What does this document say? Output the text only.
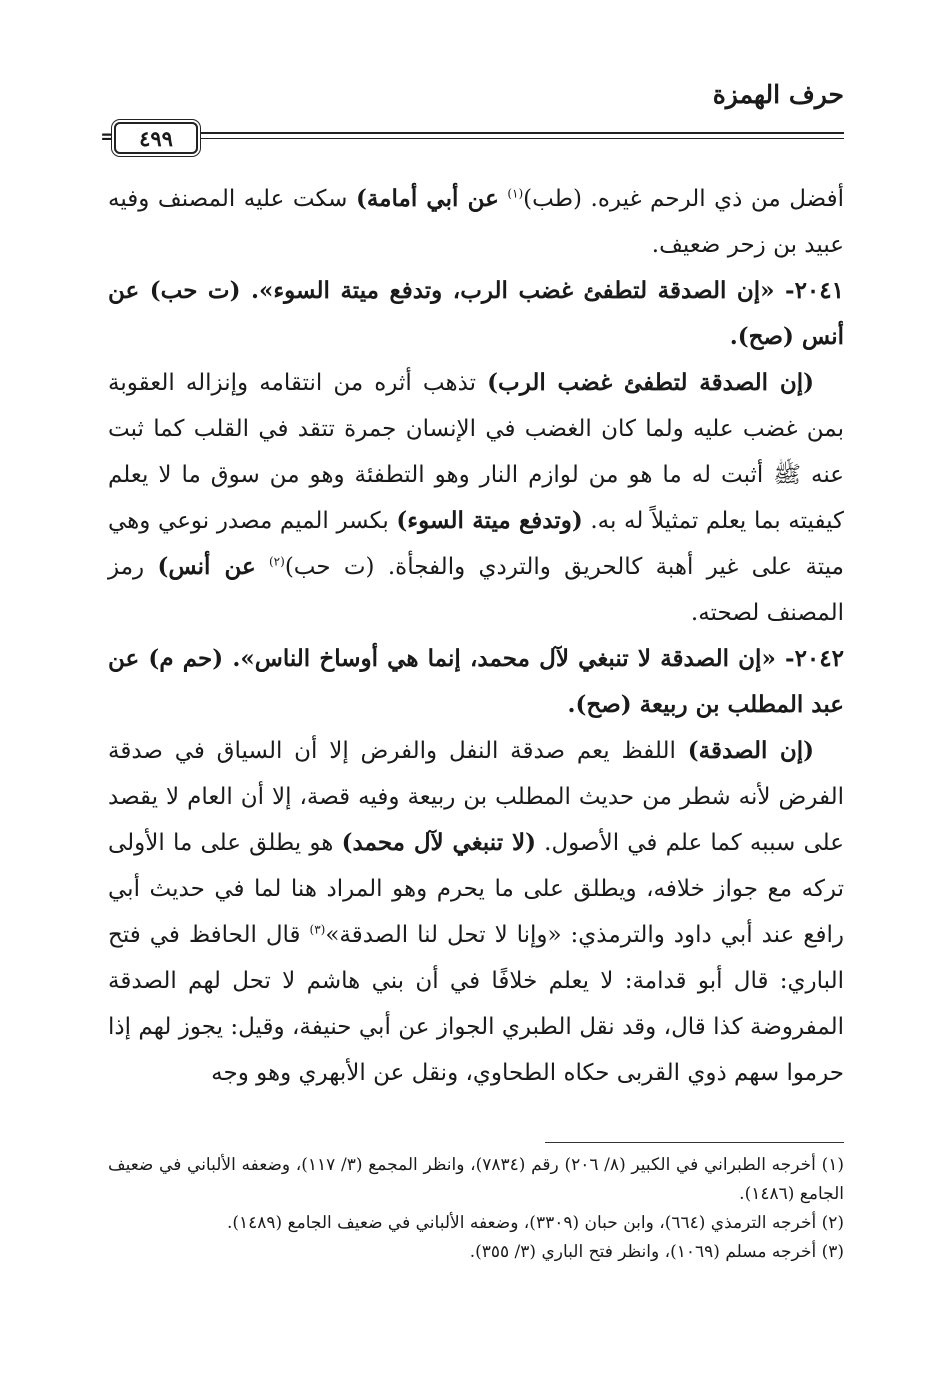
حرف الهمزة
=	٤٩٩

أفضل من ذي الرحم غيره. (طب)$^{(١)}$ عن أبي أمامة) سكت عليه المصنف وفيه عبيد بن زحر ضعيف.

٢٠٤١- «إن الصدقة لتطفئ غضب الرب، وتدفع ميتة السوء». (ت حب) عن أنس (صح).

(إن الصدقة لتطفئ غضب الرب) تذهب أثره من انتقامه وإنزاله العقوبة بمن غضب عليه ولما كان الغضب في الإنسان جمرة تتقد في القلب كما ثبت عنه ﷺ أثبت له ما هو من لوازم النار وهو التطفئة وهو من سوق ما لا يعلم كيفيته بما يعلم تمثيلاً له به. (وتدفع ميتة السوء) بكسر الميم مصدر نوعي وهي ميتة على غير أهبة كالحريق والتردي والفجأة. (ت حب)$^{(٢)}$ عن أنس) رمز المصنف لصحته.

٢٠٤٢- «إن الصدقة لا تنبغي لآل محمد، إنما هي أوساخ الناس». (حم م) عن عبد المطلب بن ربيعة (صح).

(إن الصدقة) اللفظ يعم صدقة النفل والفرض إلا أن السياق في صدقة الفرض لأنه شطر من حديث المطلب بن ربيعة وفيه قصة، إلا أن العام لا يقصد على سببه كما علم في الأصول. (لا تنبغي لآل محمد) هو يطلق على ما الأولى تركه مع جواز خلافه، ويطلق على ما يحرم وهو المراد هنا لما في حديث أبي رافع عند أبي داود والترمذي: «وإنا لا تحل لنا الصدقة»$^{(٣)}$ قال الحافظ في فتح الباري: قال أبو قدامة: لا يعلم خلافًا في أن بني هاشم لا تحل لهم الصدقة المفروضة كذا قال، وقد نقل الطبري الجواز عن أبي حنيفة، وقيل: يجوز لهم إذا حرموا سهم ذوي القربى حكاه الطحاوي، ونقل عن الأبهري وهو وجه

(١) أخرجه الطبراني في الكبير (٨/ ٢٠٦) رقم (٧٨٣٤)، وانظر المجمع (٣/ ١١٧)، وضعفه الألباني في ضعيف الجامع (١٤٨٦).

(٢) أخرجه الترمذي (٦٦٤)، وابن حبان (٣٣٠٩)، وضعفه الألباني في ضعيف الجامع (١٤٨٩).

(٣) أخرجه مسلم (١٠٦٩)، وانظر فتح الباري (٣/ ٣٥٥).
